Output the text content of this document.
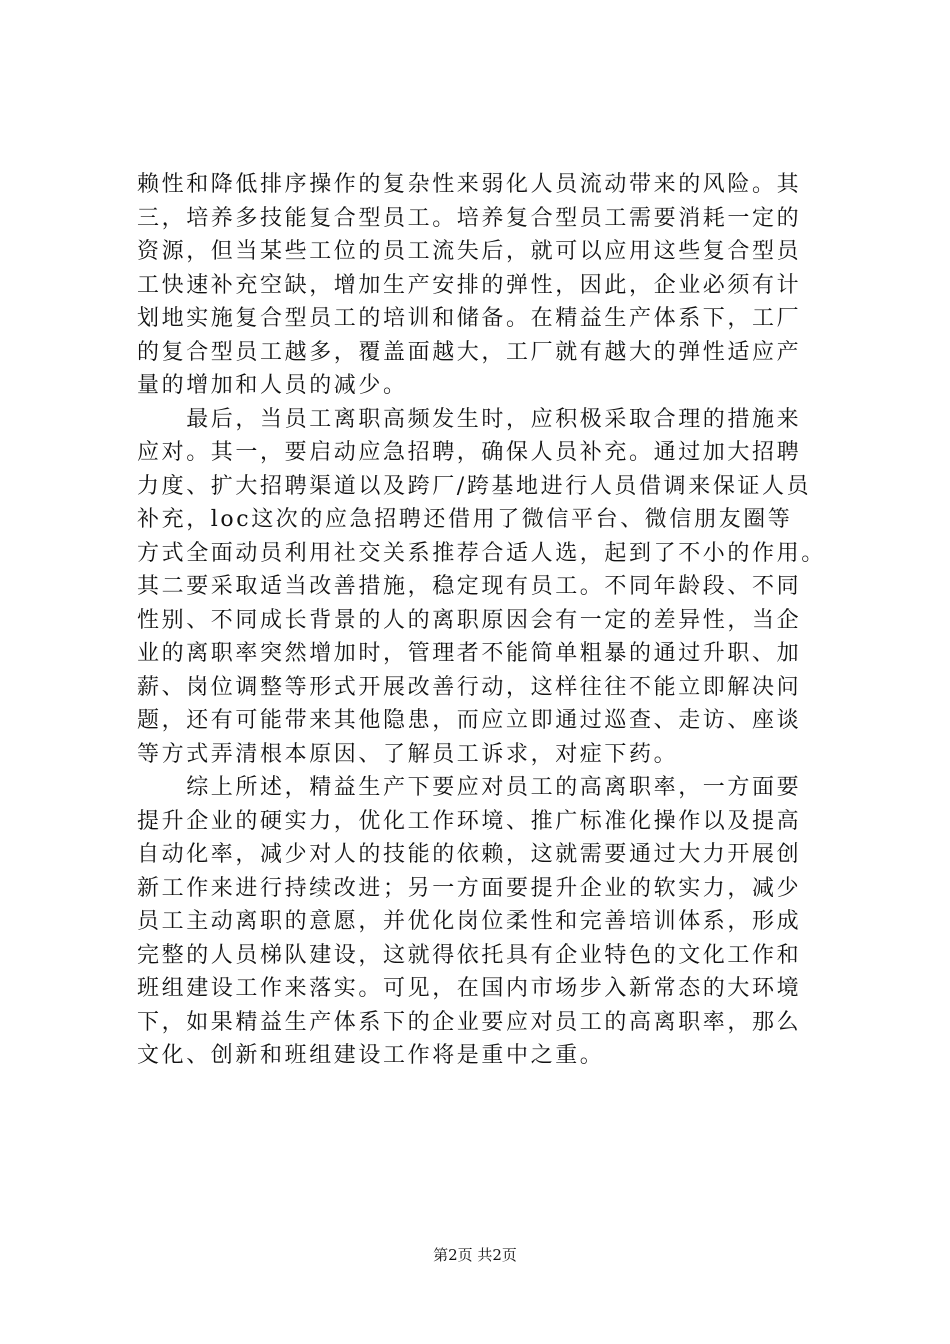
赖性和降低排序操作的复杂性来弱化人员流动带来的风险。其
三，培养多技能复合型员工。培养复合型员工需要消耗一定的
资源，但当某些工位的员工流失后，就可以应用这些复合型员
工快速补充空缺，增加生产安排的弹性，因此，企业必须有计
划地实施复合型员工的培训和储备。在精益生产体系下，工厂
的复合型员工越多，覆盖面越大，工厂就有越大的弹性适应产
量的增加和人员的减少。
　　最后，当员工离职高频发生时，应积极采取合理的措施来
应对。其一，要启动应急招聘，确保人员补充。通过加大招聘
力度、扩大招聘渠道以及跨厂/跨基地进行人员借调来保证人员
补充，loc这次的应急招聘还借用了微信平台、微信朋友圈等
方式全面动员利用社交关系推荐合适人选，起到了不小的作用。
其二要采取适当改善措施，稳定现有员工。不同年龄段、不同
性别、不同成长背景的人的离职原因会有一定的差异性，当企
业的离职率突然增加时，管理者不能简单粗暴的通过升职、加
薪、岗位调整等形式开展改善行动，这样往往不能立即解决问
题，还有可能带来其他隐患，而应立即通过巡查、走访、座谈
等方式弄清根本原因、了解员工诉求，对症下药。
　　综上所述，精益生产下要应对员工的高离职率，一方面要
提升企业的硬实力，优化工作环境、推广标准化操作以及提高
自动化率，减少对人的技能的依赖，这就需要通过大力开展创
新工作来进行持续改进；另一方面要提升企业的软实力，减少
员工主动离职的意愿，并优化岗位柔性和完善培训体系，形成
完整的人员梯队建设，这就得依托具有企业特色的文化工作和
班组建设工作来落实。可见，在国内市场步入新常态的大环境
下，如果精益生产体系下的企业要应对员工的高离职率，那么
文化、创新和班组建设工作将是重中之重。
第2页 共2页
